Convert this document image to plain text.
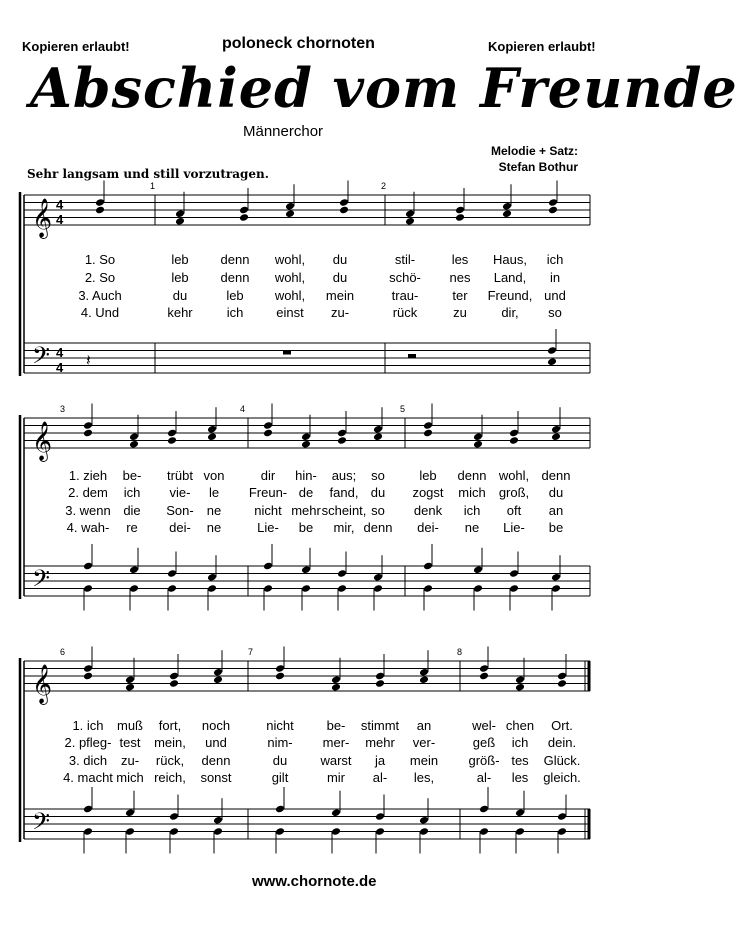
Kopieren erlaubt!	poloneck chornoten	Kopieren erlaubt!
Abschied vom Freunde
Männerchor
Melodie + Satz:
Stefan Bothur
Sehr langsam und still vorzutragen.
𝄞
𝄢
1	2
4
4
4
4
𝄞
𝄢
3	4	5
𝄞
𝄢
6	7	8
𝄽
1. So	leb denn wohl, du	stil-	les Haus, ich
2. So	leb denn wohl, du	schö- nes Land, in
3. Auch	du	leb wohl, mein	trau-	ter Freund, und
4. Und	kehr	ich	einst zu-	rück	zu	dir, so
1. zieh be- trübt von	dir hin- aus; so	leb denn wohl, denn
2. dem ich vie- le Freun- de fand, du zogst mich groß, du
3. wenn die Son- ne	nicht mehr scheint, so denk ich oft an
4. wah- re dei- ne	Lie- be mir, denn dei- ne Lie- be
1. ich muß fort, noch	nicht	be- stimmt an	wel- chen Ort.
2. pfleg- test mein, und	nim- mer- mehr ver-	geß ich dein.
3. dich zu- rück, denn	du	warst ja mein größ- tes Glück.
4. macht mich reich, sonst	gilt	mir al- les,	al- les gleich.
www.chornote.de
